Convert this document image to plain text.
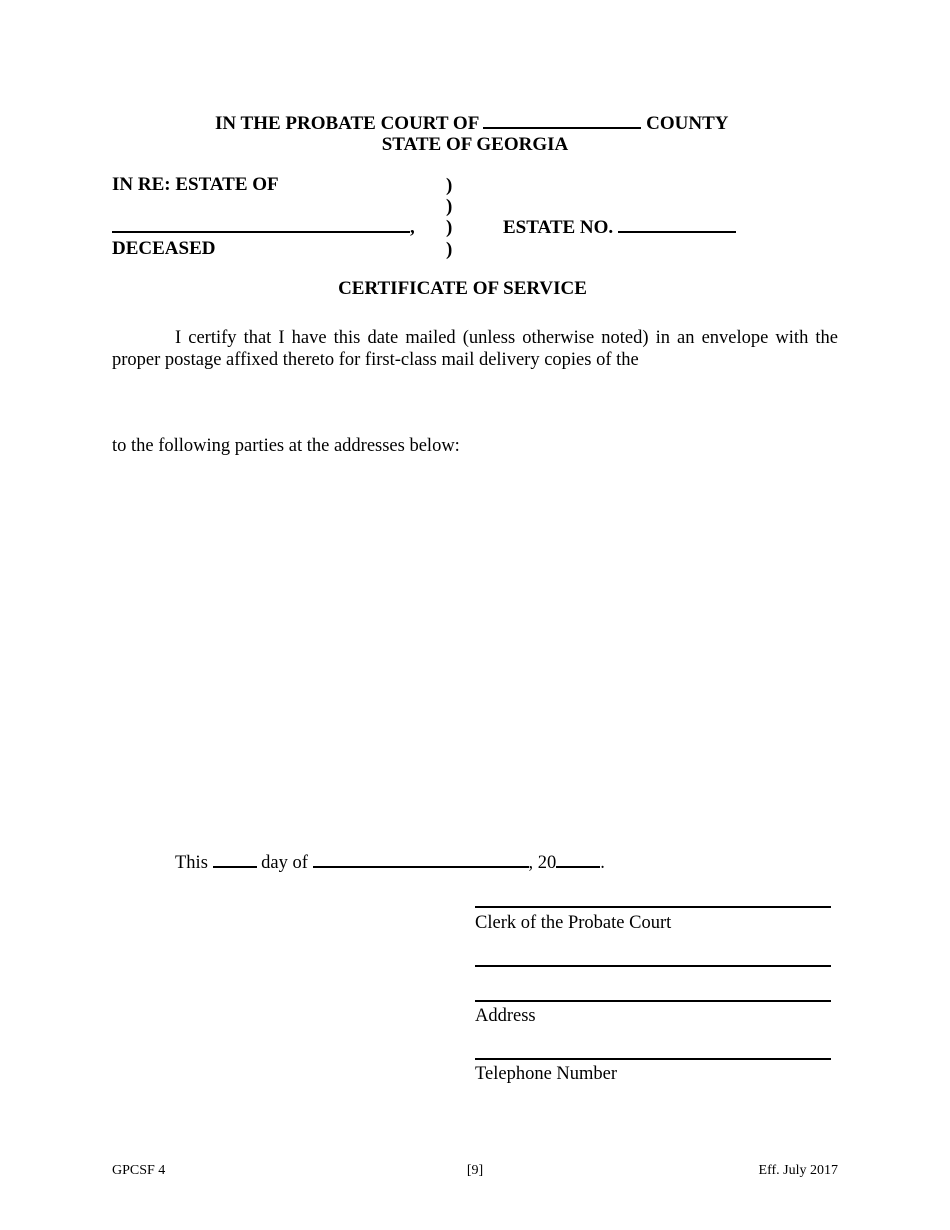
IN THE PROBATE COURT OF	COUNTY
STATE OF GEORGIA
IN RE: ESTATE OF	)
)
, )	ESTATE NO.
DECEASED	)
CERTIFICATE OF SERVICE
I certify that I have this date mailed (unless otherwise noted) in an envelope with the
proper postage affixed thereto for first-class mail delivery copies of the
to the following parties at the addresses below:
This	day of	, 20 .
Clerk of the Probate Court
Address
Telephone Number
GPCSF 4	[9]	Eff. July 2017
